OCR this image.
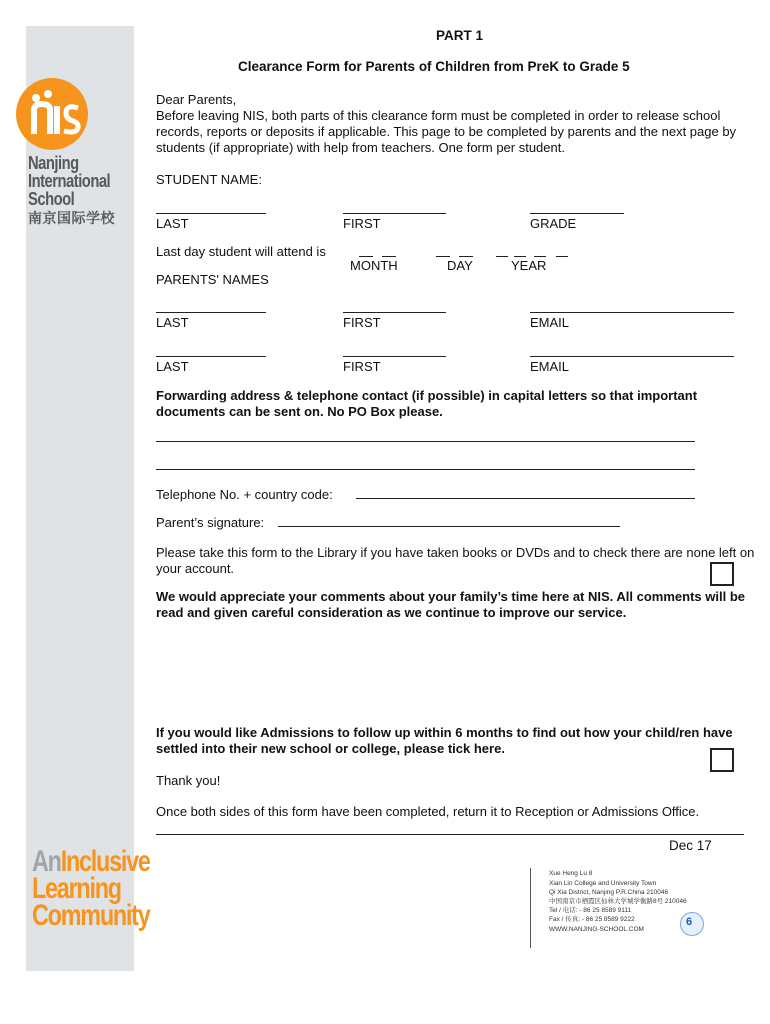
Nanjing
International
School
南京国际学校
AnInclusive
Learning
Community
PART 1
Clearance Form for Parents of Children from PreK to Grade 5
Dear Parents,
Before leaving NIS, both parts of this clearance form must be completed in order to release school records, reports or deposits if applicable. This page to be completed by parents and the next page by students (if appropriate) with help from teachers. One form per student.
STUDENT NAME:
LAST	FIRST	GRADE
Last day student will attend is
MONTH	DAY	YEAR
PARENTS' NAMES
LAST	FIRST	EMAIL
LAST	FIRST	EMAIL
Forwarding address & telephone contact (if possible) in capital letters so that important documents can be sent on. No PO Box please.
Telephone No. + country code:
Parent’s signature:
Please take this form to the Library if you have taken books or DVDs and to check there are none left on your account.
We would appreciate your comments about your family’s time here at NIS. All comments will be read and given careful consideration as we continue to improve our service.
If you would like Admissions to follow up within 6 months to find out how your child/ren have settled into their new school or college, please tick here.
Thank you!
Once both sides of this form have been completed, return it to Reception or Admissions Office.
Dec 17
Xue Heng Lu 8
Xian Lin College and University Town
Qi Xia District, Nanjing P.R.China 210046
中国南京市栖霞区仙林大学城学衡路8号 210046
Tel / 电话: - 86 25 8589 9111
Fax / 传真: - 86 25 8589 9222
WWW.NANJING-SCHOOL.COM
6
